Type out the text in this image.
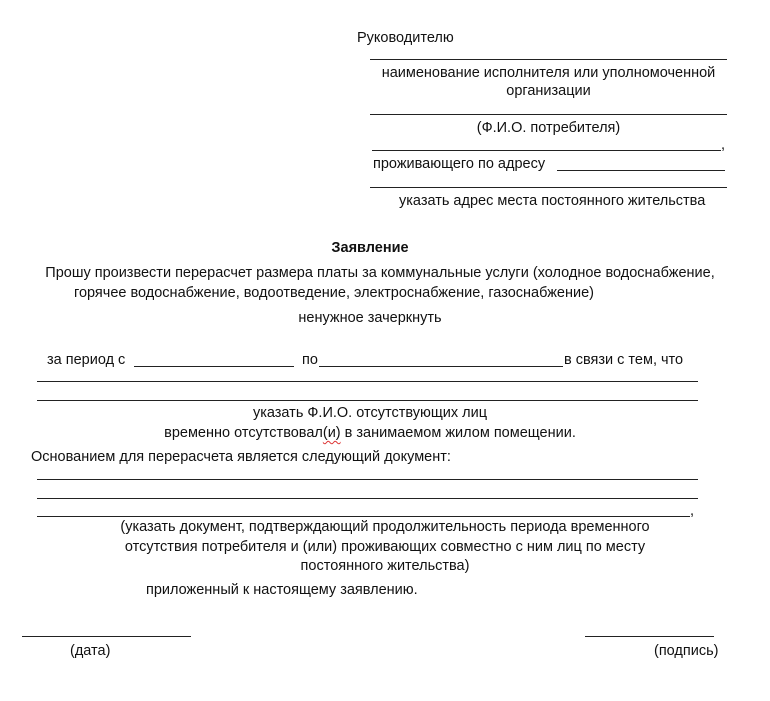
Руководителю
наименование исполнителя или уполномоченной
организации
(Ф.И.О. потребителя)
,
проживающего по адресу
указать адрес места постоянного жительства
Заявление
Прошу произвести перерасчет размера платы за коммунальные услуги (холодное водоснабжение,
горячее водоснабжение, водоотведение, электроснабжение, газоснабжение)
ненужное зачеркнуть
за период с	по	в связи с тем, что
указать Ф.И.О. отсутствующих лиц
временно отсутствовал(и) в занимаемом жилом помещении.
Основанием для перерасчета является следующий документ:
,
(указать документ, подтверждающий продолжительность периода временного
отсутствия потребителя и (или) проживающих совместно с ним лиц по месту
постоянного жительства)
приложенный к настоящему заявлению.
(дата)	(подпись)
